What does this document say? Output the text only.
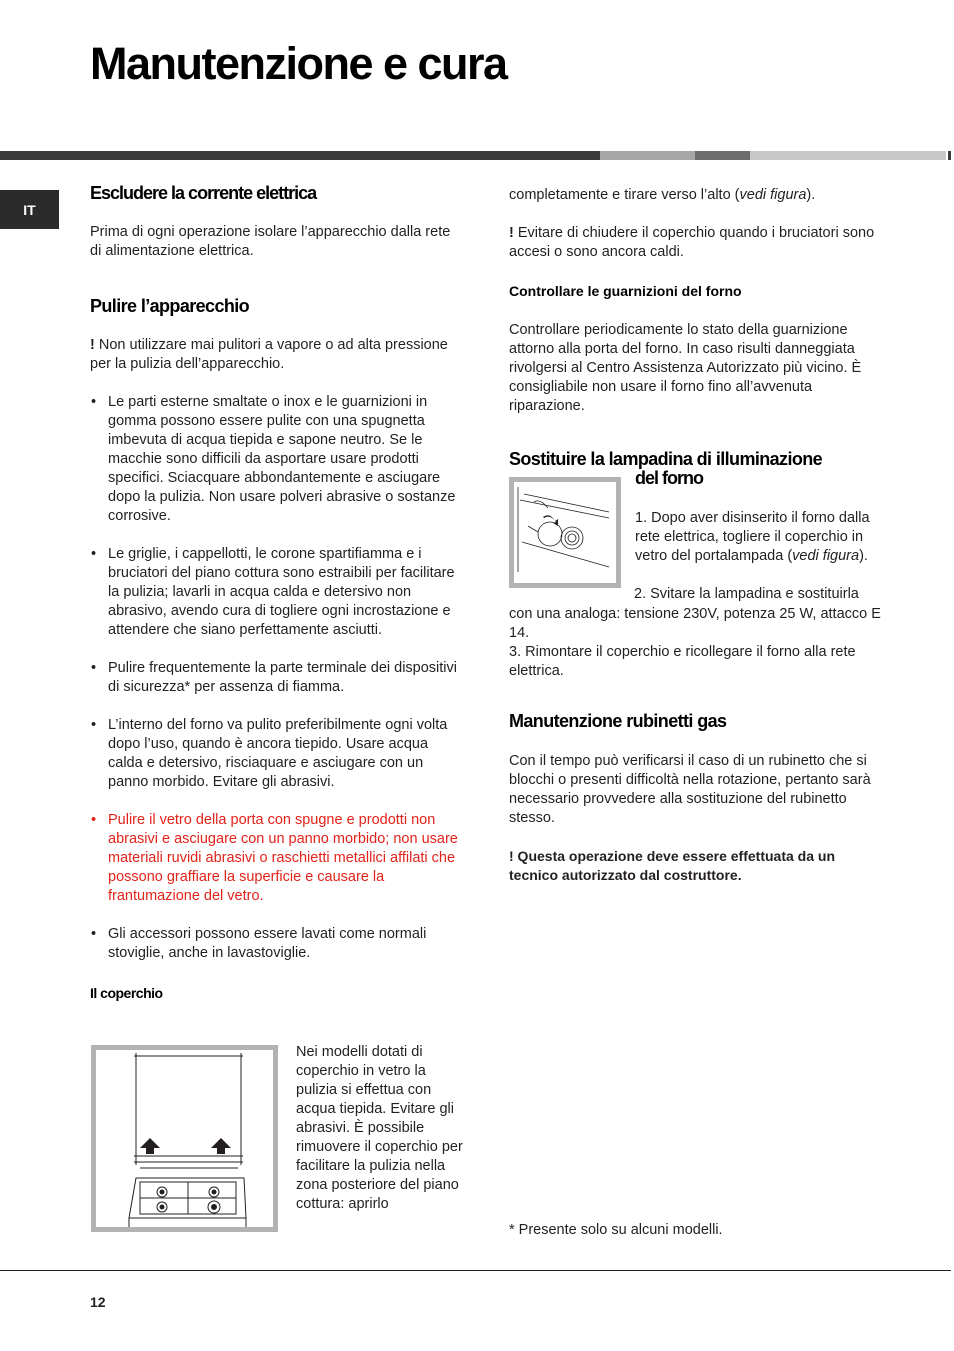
Manutenzione e cura
IT

Escludere la corrente elettrica

Prima di ogni operazione isolare l’apparecchio dalla rete di alimentazione elettrica.

Pulire l’apparecchio

! Non utilizzare mai pulitori a vapore o ad alta pressione per la pulizia dell’apparecchio.

• Le parti esterne smaltate o inox e le guarnizioni in gomma possono essere pulite con una spugnetta imbevuta di acqua tiepida e sapone neutro. Se le macchie sono difficili da asportare usare prodotti specifici. Sciacquare abbondantemente e asciugare dopo la pulizia. Non usare polveri abrasive o sostanze corrosive.
• Le griglie, i cappellotti, le corone spartifiamma e i bruciatori del piano cottura sono estraibili per facilitare la pulizia; lavarli in acqua calda e detersivo non abrasivo, avendo cura di togliere ogni incrostazione e attendere che siano perfettamente asciutti.
• Pulire frequentemente la parte terminale dei dispositivi di sicurezza* per assenza di fiamma.
• L’interno del forno va pulito preferibilmente ogni volta dopo l’uso, quando è ancora tiepido. Usare acqua calda e detersivo, risciaquare e asciugare con un panno morbido. Evitare gli abrasivi.
• Pulire il vetro della porta con spugne e prodotti non abrasivi e asciugare con un panno morbido; non usare materiali ruvidi abrasivi o raschietti metallici affilati che possono graffiare la superficie e causare la frantumazione del vetro.
• Gli accessori possono essere lavati come normali stoviglie, anche in lavastoviglie.

Il coperchio

Nei modelli dotati di coperchio in vetro la pulizia si effettua con acqua tiepida. Evitare gli abrasivi. È possibile rimuovere il coperchio per facilitare la pulizia nella zona posteriore del piano cottura: aprirlo

completamente e tirare verso l’alto (vedi figura).

! Evitare di chiudere il coperchio quando i bruciatori sono accesi o sono ancora caldi.

Controllare le guarnizioni del forno

Controllare periodicamente lo stato della guarnizione attorno alla porta del forno. In caso risulti danneggiata rivolgersi al Centro Assistenza Autorizzato più vicino. È consigliabile non usare il forno fino all’avvenuta riparazione.

Sostituire la lampadina di illuminazione

del forno

1. Dopo aver disinserito il forno dalla rete elettrica, togliere il coperchio in vetro del portalampada (vedi figura).
2. Svitare la lampadina e sostituirla
con una analoga: tensione 230V, potenza 25 W, attacco E 14.
3. Rimontare il coperchio e ricollegare il forno alla rete elettrica.

Manutenzione rubinetti gas

Con il tempo può verificarsi il caso di un rubinetto che si blocchi o presenti difficoltà nella rotazione, pertanto sarà necessario provvedere alla sostituzione del rubinetto stesso.

! Questa operazione deve essere effettuata da un tecnico autorizzato dal costruttore.

* Presente solo su alcuni modelli.
12
